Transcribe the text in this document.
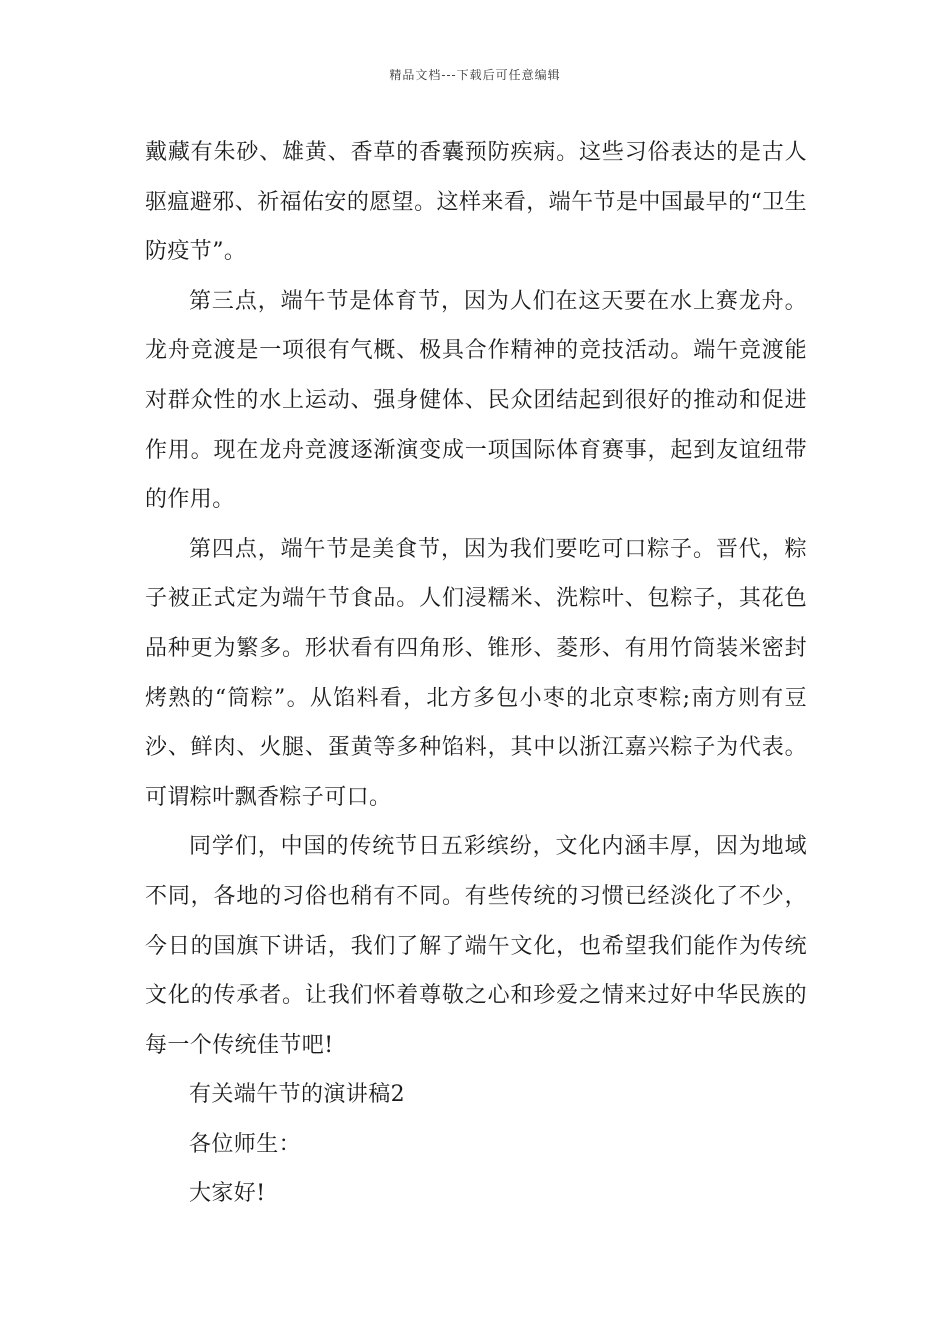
精品文档---下载后可任意编辑

戴藏有朱砂、雄黄、香草的香囊预防疾病。这些习俗表达的是古人驱瘟避邪、祈福佑安的愿望。这样来看，端午节是中国最早的“卫生防疫节”。

第三点，端午节是体育节，因为人们在这天要在水上赛龙舟。龙舟竞渡是一项很有气概、极具合作精神的竞技活动。端午竞渡能对群众性的水上运动、强身健体、民众团结起到很好的推动和促进作用。现在龙舟竞渡逐渐演变成一项国际体育赛事，起到友谊纽带的作用。

第四点，端午节是美食节，因为我们要吃可口粽子。晋代，粽子被正式定为端午节食品。人们浸糯米、洗粽叶、包粽子，其花色品种更为繁多。形状看有四角形、锥形、菱形、有用竹筒装米密封烤熟的“筒粽”。从馅料看，北方多包小枣的北京枣粽;南方则有豆沙、鲜肉、火腿、蛋黄等多种馅料，其中以浙江嘉兴粽子为代表。可谓粽叶飘香粽子可口。

同学们，中国的传统节日五彩缤纷，文化内涵丰厚，因为地域不同，各地的习俗也稍有不同。有些传统的习惯已经淡化了不少，今日的国旗下讲话，我们了解了端午文化，也希望我们能作为传统文化的传承者。让我们怀着尊敬之心和珍爱之情来过好中华民族的每一个传统佳节吧!

有关端午节的演讲稿2

各位师生：

大家好!
